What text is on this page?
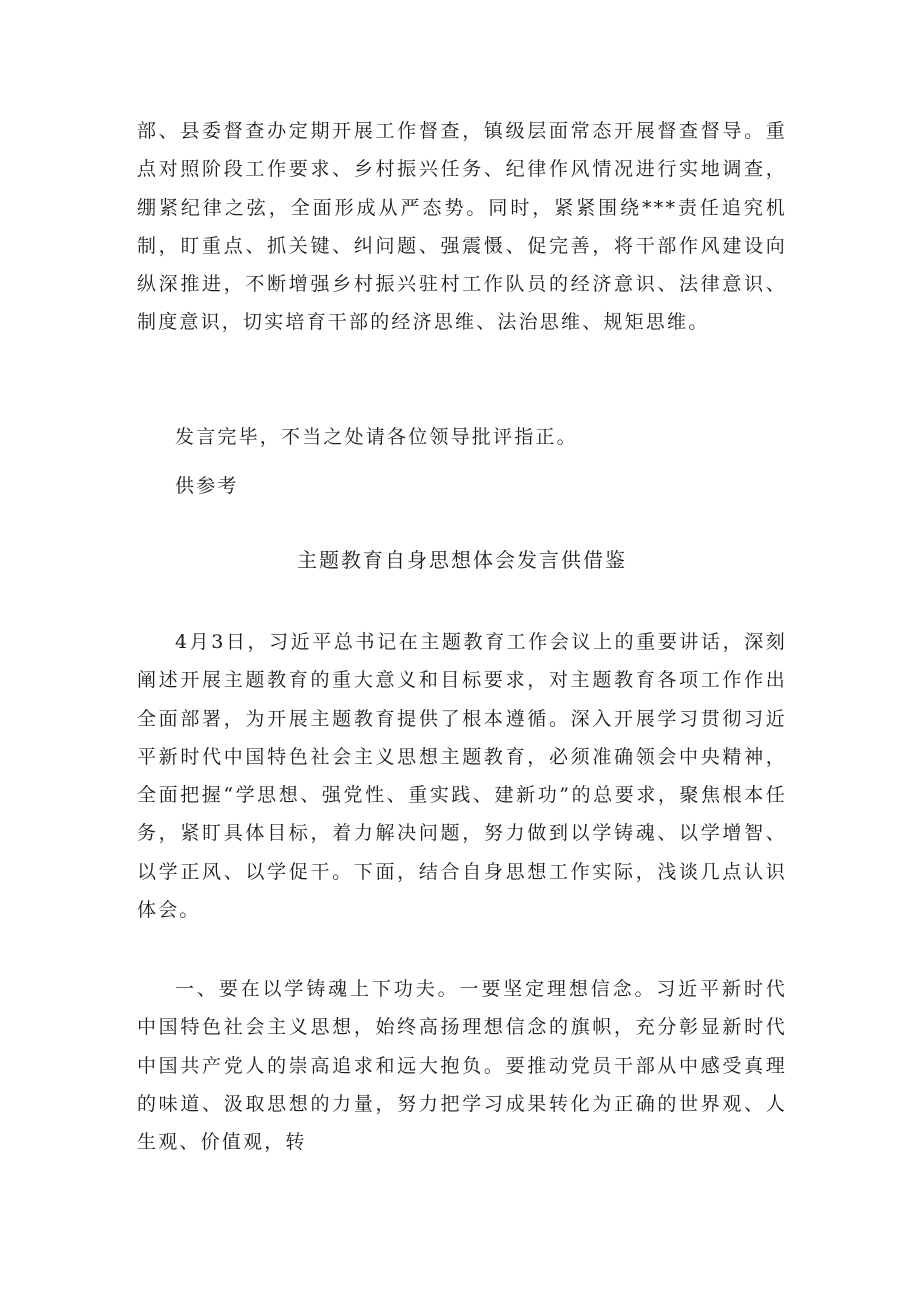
部、县委督查办定期开展工作督查，镇级层面常态开展督查督导。重点对照阶段工作要求、乡村振兴任务、纪律作风情况进行实地调查，绷紧纪律之弦，全面形成从严态势。同时，紧紧围绕***责任追究机制，盯重点、抓关键、纠问题、强震慑、促完善，将干部作风建设向纵深推进，不断增强乡村振兴驻村工作队员的经济意识、法律意识、制度意识，切实培育干部的经济思维、法治思维、规矩思维。

发言完毕，不当之处请各位领导批评指正。

供参考

主题教育自身思想体会发言供借鉴

4月3日，习近平总书记在主题教育工作会议上的重要讲话，深刻阐述开展主题教育的重大意义和目标要求，对主题教育各项工作作出全面部署，为开展主题教育提供了根本遵循。深入开展学习贯彻习近平新时代中国特色社会主义思想主题教育，必须准确领会中央精神，全面把握“学思想、强党性、重实践、建新功”的总要求，聚焦根本任务，紧盯具体目标，着力解决问题，努力做到以学铸魂、以学增智、以学正风、以学促干。下面，结合自身思想工作实际，浅谈几点认识体会。

一、要在以学铸魂上下功夫。一要坚定理想信念。习近平新时代中国特色社会主义思想，始终高扬理想信念的旗帜，充分彰显新时代中国共产党人的崇高追求和远大抱负。要推动党员干部从中感受真理的味道、汲取思想的力量，努力把学习成果转化为正确的世界观、人生观、价值观，转
